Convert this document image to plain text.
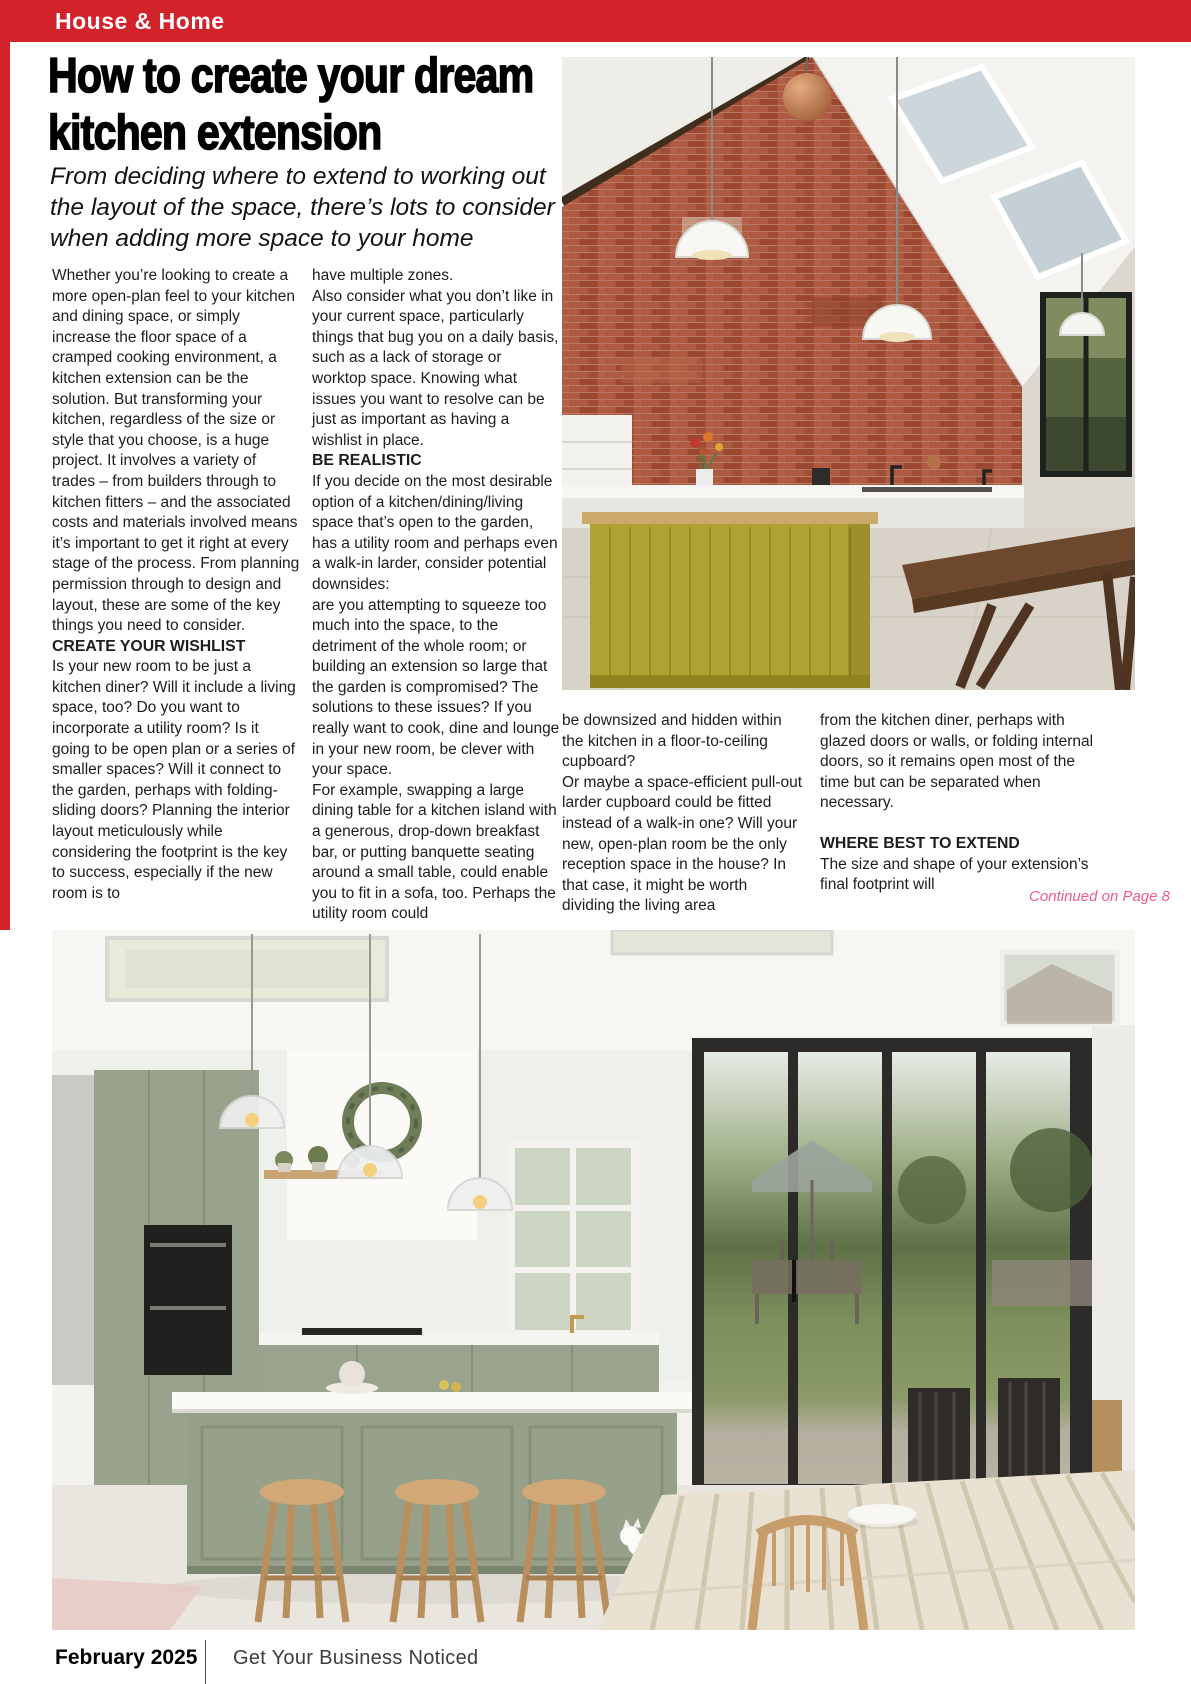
House & Home
How to create your dream
kitchen extension
From deciding where to extend to working out the layout of the space, there’s lots to consider when adding more space to your home

Whether you’re looking to create a more open-plan feel to your kitchen and dining space, or simply increase the floor space of a cramped cooking environment, a kitchen extension can be the solution. But transforming your kitchen, regardless of the size or style that you choose, is a huge project. It involves a variety of trades – from builders through to kitchen fitters – and the associated costs and materials involved means it’s important to get it right at every stage of the process. From planning permission through to design and layout, these are some of the key things you need to consider.

CREATE YOUR WISHLIST

Is your new room to be just a kitchen diner? Will it include a living space, too? Do you want to incorporate a utility room? Is it going to be open plan or a series of smaller spaces? Will it connect to the garden, perhaps with folding-sliding doors? Planning the interior layout meticulously while considering the footprint is the key to success, especially if the new room is to

have multiple zones.

Also consider what you don’t like in your current space, particularly things that bug you on a daily basis, such as a lack of storage or worktop space. Knowing what issues you want to resolve can be just as important as having a wishlist in place.

BE REALISTIC

If you decide on the most desirable option of a kitchen/dining/living space that’s open to the garden, has a utility room and perhaps even a walk-in larder, consider potential downsides:

are you attempting to squeeze too much into the space, to the detriment of the whole room; or building an extension so large that the garden is compromised? The solutions to these issues? If you really want to cook, dine and lounge in your new room, be clever with your space.

For example, swapping a large dining table for a kitchen island with a generous, drop-down breakfast bar, or putting banquette seating around a small table, could enable you to fit in a sofa, too. Perhaps the utility room could

be downsized and hidden within the kitchen in a floor-to-ceiling cupboard?

Or maybe a space-efficient pull-out larder cupboard could be fitted instead of a walk-in one? Will your new, open-plan room be the only reception space in the house? In that case, it might be worth dividing the living area

from the kitchen diner, perhaps with glazed doors or walls, or folding internal doors, so it remains open most of the time but can be separated when necessary.

WHERE BEST TO EXTEND

The size and shape of your extension’s final footprint will

Continued on Page 8
February 2025 Get Your Business Noticed
